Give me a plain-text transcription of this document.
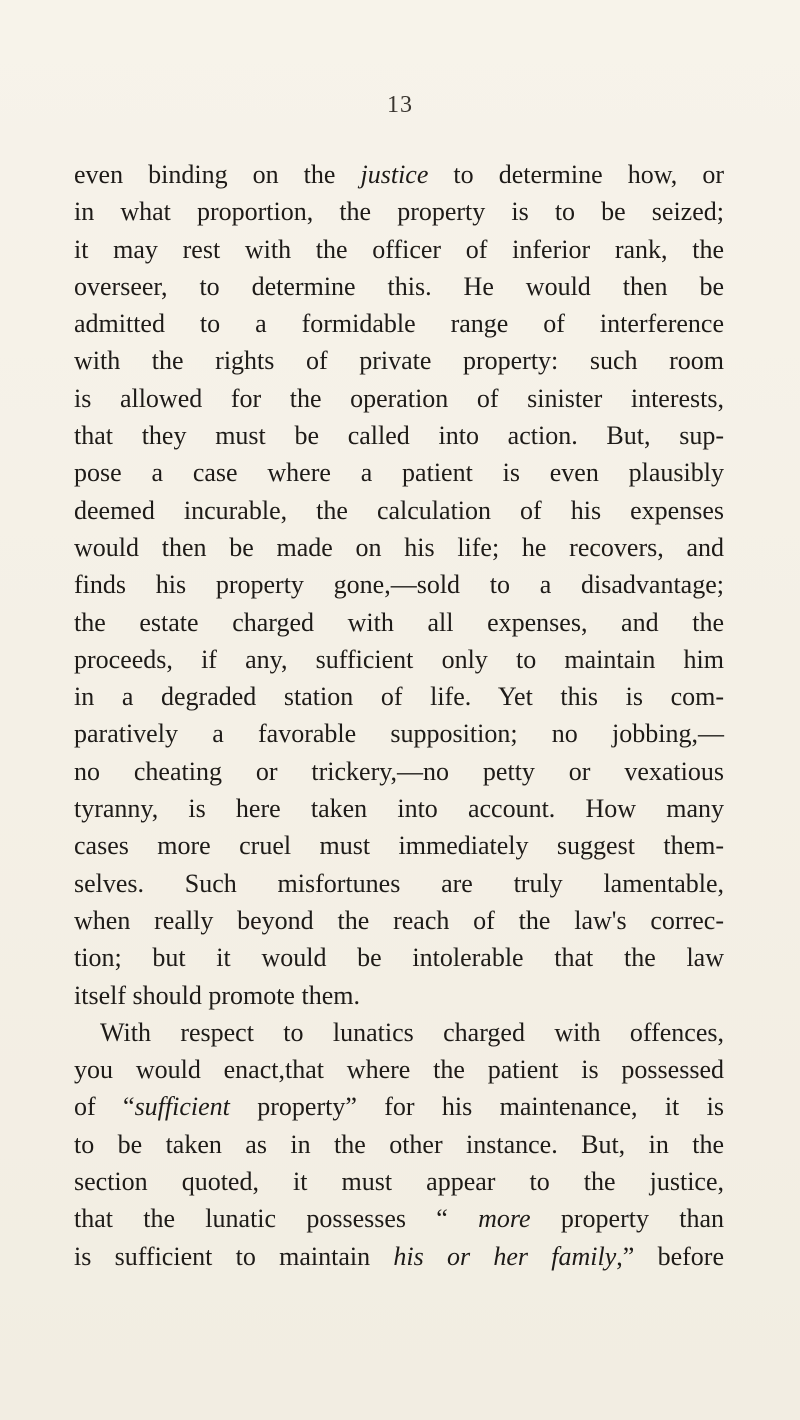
13
even binding on the justice to determine how, or
in what proportion, the property is to be seized;
it may rest with the officer of inferior rank, the
overseer, to determine this. He would then be
admitted to a formidable range of interference
with the rights of private property: such room
is allowed for the operation of sinister interests,
that they must be called into action. But, sup-
pose a case where a patient is even plausibly
deemed incurable, the calculation of his expenses
would then be made on his life; he recovers, and
finds his property gone,—sold to a disadvantage;
the estate charged with all expenses, and the
proceeds, if any, sufficient only to maintain him
in a degraded station of life. Yet this is com-
paratively a favorable supposition; no jobbing,—
no cheating or trickery,—no petty or vexatious
tyranny, is here taken into account. How many
cases more cruel must immediately suggest them-
selves. Such misfortunes are truly lamentable,
when really beyond the reach of the law's correc-
tion; but it would be intolerable that the law
itself should promote them.
With respect to lunatics charged with offences,
you would enact,that where the patient is possessed
of “sufficient property” for his maintenance, it is
to be taken as in the other instance. But, in the
section quoted, it must appear to the justice,
that the lunatic possesses “ more property than
is sufficient to maintain his or her family,” before
